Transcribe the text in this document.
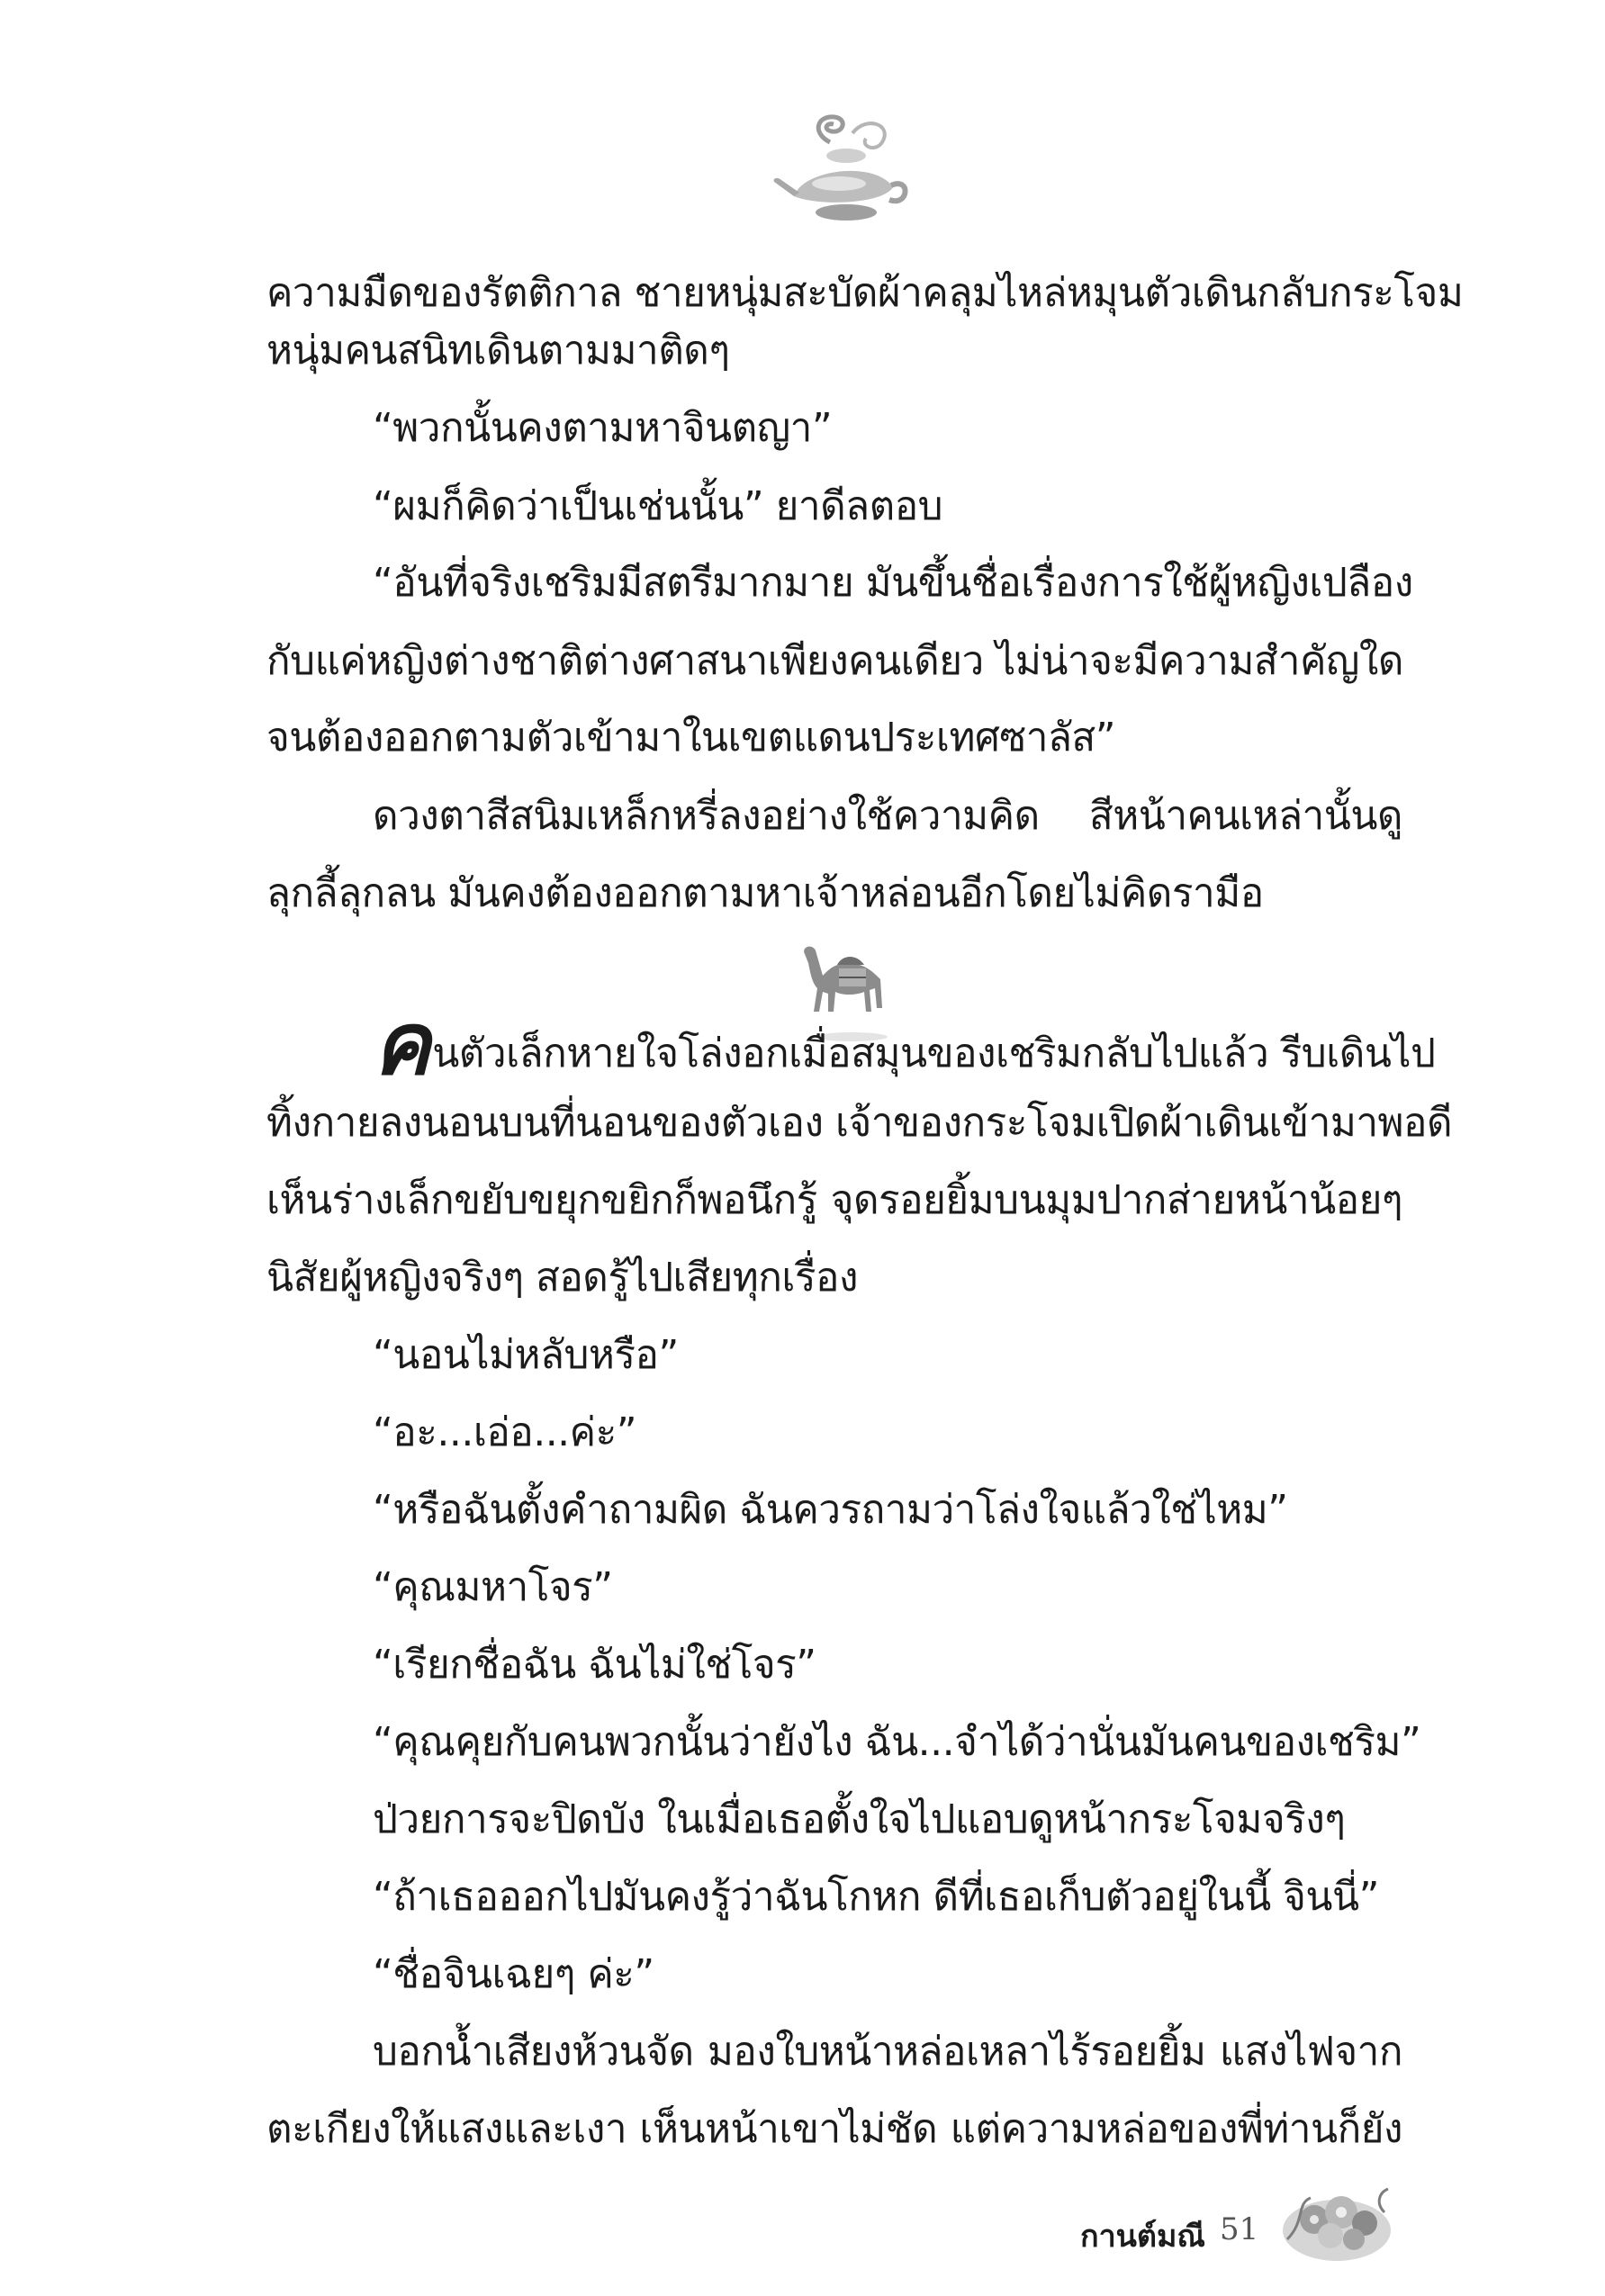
ความมืดของรัตติกาล ชายหนุ่มสะบัดผ้าคลุมไหล่หมุนตัวเดินกลับกระโจม
หนุ่มคนสนิทเดินตามมาติดๆ
“พวกนั้นคงตามหาจินตญา”
“ผมก็คิดว่าเป็นเช่นนั้น” ยาดีลตอบ
“อันที่จริงเชริมมีสตรีมากมาย มันขึ้นชื่อเรื่องการใช้ผู้หญิงเปลือง
กับแค่หญิงต่างชาติต่างศาสนาเพียงคนเดียว ไม่น่าจะมีความสำคัญใด
จนต้องออกตามตัวเข้ามาในเขตแดนประเทศซาลัส”
ดวงตาสีสนิมเหล็กหรี่ลงอย่างใช้ความคิด สีหน้าคนเหล่านั้นดู
ลุกลี้ลุกลน มันคงต้องออกตามหาเจ้าหล่อนอีกโดยไม่คิดรามือ
คนตัวเล็กหายใจโล่งอกเมื่อสมุนของเชริมกลับไปแล้ว รีบเดินไป
ทิ้งกายลงนอนบนที่นอนของตัวเอง เจ้าของกระโจมเปิดผ้าเดินเข้ามาพอดี
เห็นร่างเล็กขยับขยุกขยิกก็พอนึกรู้ จุดรอยยิ้มบนมุมปากส่ายหน้าน้อยๆ
นิสัยผู้หญิงจริงๆ สอดรู้ไปเสียทุกเรื่อง
“นอนไม่หลับหรือ”
“อะ...เอ่อ...ค่ะ”
“หรือฉันตั้งคำถามผิด ฉันควรถามว่าโล่งใจแล้วใช่ไหม”
“คุณมหาโจร”
“เรียกชื่อฉัน ฉันไม่ใช่โจร”
“คุณคุยกับคนพวกนั้นว่ายังไง ฉัน...จำได้ว่านั่นมันคนของเชริม”
ป่วยการจะปิดบัง ในเมื่อเธอตั้งใจไปแอบดูหน้ากระโจมจริงๆ
“ถ้าเธอออกไปมันคงรู้ว่าฉันโกหก ดีที่เธอเก็บตัวอยู่ในนี้ จินนี่”
“ชื่อจินเฉยๆ ค่ะ”
บอกน้ำเสียงห้วนจัด มองใบหน้าหล่อเหลาไร้รอยยิ้ม แสงไฟจาก
ตะเกียงให้แสงและเงา เห็นหน้าเขาไม่ชัด แต่ความหล่อของพี่ท่านก็ยัง
กานต์มณี 51
